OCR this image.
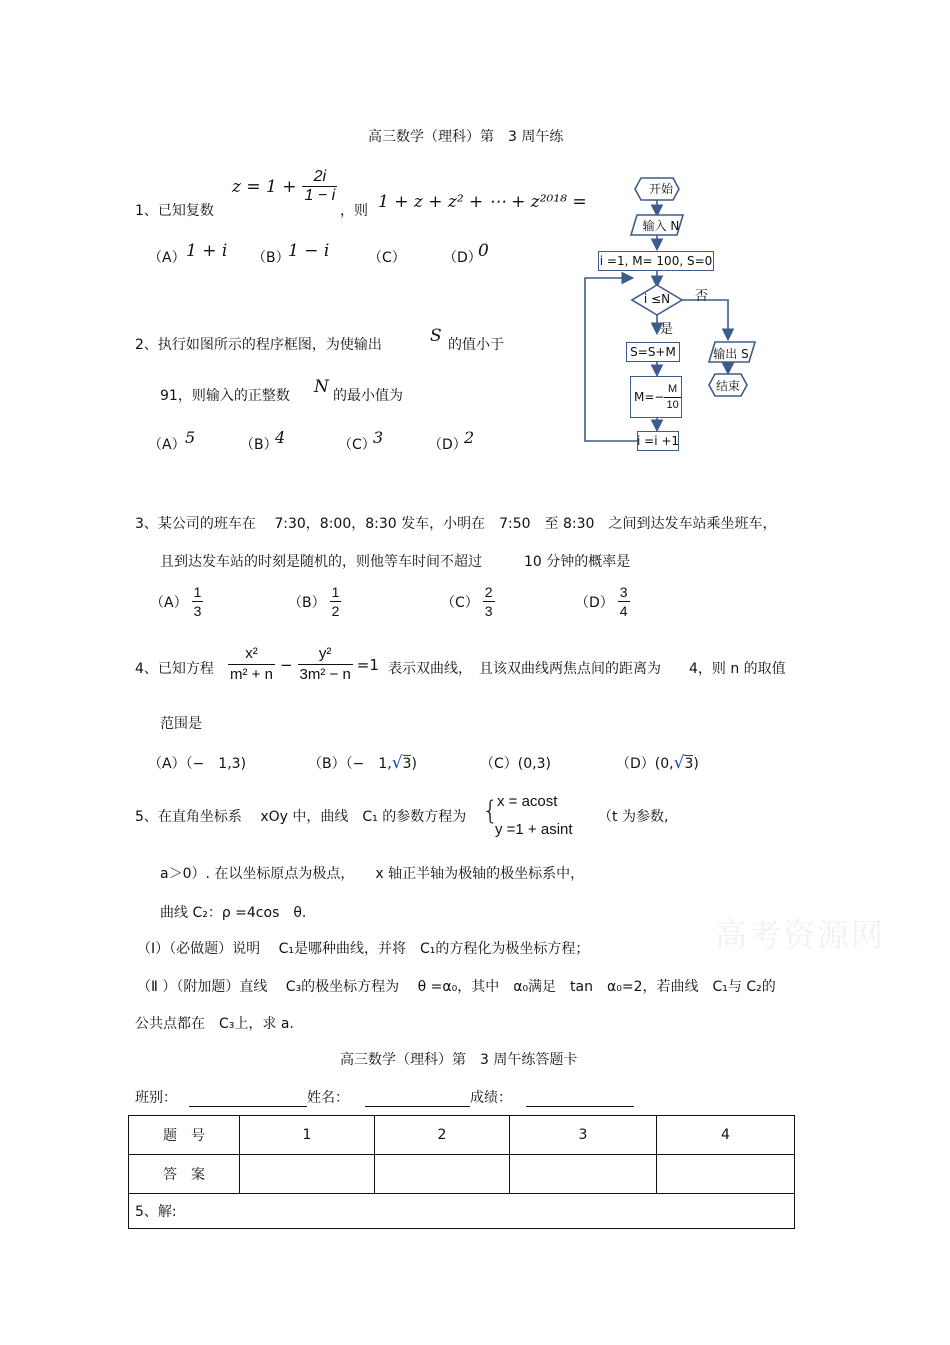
高三数学（理科）第　3 周午练
1、已知复数
$z = 1 + \frac{2i}{1 - i}$
，则 1 + z + z² + ⋯ + z²⁰¹⁸ =
（A） 1 + i （B）
1 − i	（C）	（D）
0
2、执行如图所示的程序框图，为使输出	S 的值小于
91，则输入的正整数 N 的最小值为
（A） 5	（B）
4	（C）
3	（D）
2
开始
输入 N
i =1, M= 100, S=0
i ≤N	否
是
S=S+M
$M=- \frac{M}{10}$
i =i +1
输出 S
结束
3、某公司的班车在　 7:30，8:00，8:30 发车，小明在　7:50　至 8:30　之间到达发车站乘坐班车，
且到达发车站的时刻是随机的，则他等车时间不超过　　　10 分钟的概率是
$(A) \frac{1}{3}$	$(B) \frac{1}{2}$	$(C) \frac{2}{3}$	$(D) \frac{3}{4}$
4、已知方程 $\frac{\text{x²}}{\text{m² + n}} - \frac{\text{y²}}{\text{3m² − n}} =1$ 表示双曲线，　且该双曲线两焦点间的距离为　　4，则 n 的取值
范围是
（A）（−　1,3)	（B）（−　1,√3)	（C）(0,3)	（D）(0,√3)
5、在直角坐标系　 xOy 中，曲线　C₁ 的参数方程为 {
x = acost
y =1 + asint
（t 为参数,
a＞0）. 在以坐标原点为极点，　　x 轴正半轴为极轴的极坐标系中，
曲线 C₂：ρ =4cos　θ．
（Ⅰ）（必做题）说明　 C₁是哪种曲线，并将　C₁的方程化为极坐标方程；
（Ⅱ ）（附加题）直线　 C₃的极坐标方程为　 θ =α₀，其中　α₀满足　tan　α₀=2，若曲线　C₁与 C₂的
公共点都在　C₃上，求 a.
高考资源网
高三数学（理科）第　3 周午练答题卡
班别：	姓名：	成绩：
题　号	1	2	3	4
答　案				
5、解:				
